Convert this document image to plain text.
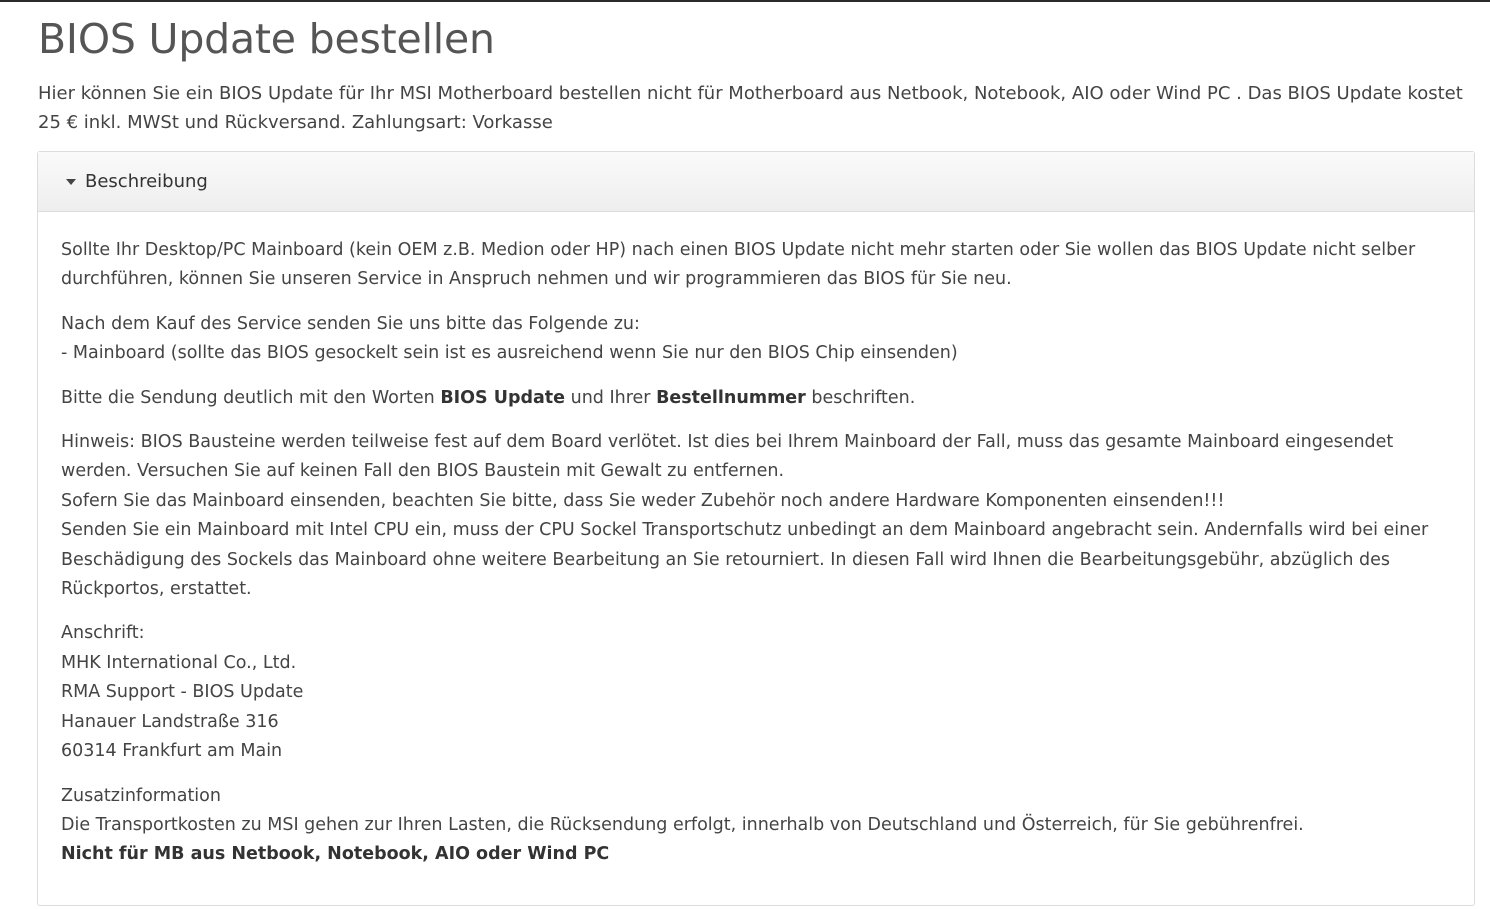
BIOS Update bestellen

Hier können Sie ein BIOS Update für Ihr MSI Motherboard bestellen nicht für Motherboard aus Netbook, Notebook, AIO oder Wind PC . Das BIOS Update kostet 25 € inkl. MWSt und Rückversand. Zahlungsart: Vorkasse

Beschreibung

Sollte Ihr Desktop/PC Mainboard (kein OEM z.B. Medion oder HP) nach einen BIOS Update nicht mehr starten oder Sie wollen das BIOS Update nicht selber durchführen, können Sie unseren Service in Anspruch nehmen und wir programmieren das BIOS für Sie neu.

Nach dem Kauf des Service senden Sie uns bitte das Folgende zu:
- Mainboard (sollte das BIOS gesockelt sein ist es ausreichend wenn Sie nur den BIOS Chip einsenden)

Bitte die Sendung deutlich mit den Worten BIOS Update und Ihrer Bestellnummer beschriften.

Hinweis: BIOS Bausteine werden teilweise fest auf dem Board verlötet. Ist dies bei Ihrem Mainboard der Fall, muss das gesamte Mainboard eingesendet werden. Versuchen Sie auf keinen Fall den BIOS Baustein mit Gewalt zu entfernen.
Sofern Sie das Mainboard einsenden, beachten Sie bitte, dass Sie weder Zubehör noch andere Hardware Komponenten einsenden!!!
Senden Sie ein Mainboard mit Intel CPU ein, muss der CPU Sockel Transportschutz unbedingt an dem Mainboard angebracht sein. Andernfalls wird bei einer Beschädigung des Sockels das Mainboard ohne weitere Bearbeitung an Sie retourniert. In diesen Fall wird Ihnen die Bearbeitungsgebühr, abzüglich des Rückportos, erstattet.

Anschrift:
MHK International Co., Ltd.
RMA Support - BIOS Update
Hanauer Landstraße 316
60314 Frankfurt am Main

Zusatzinformation
Die Transportkosten zu MSI gehen zur Ihren Lasten, die Rücksendung erfolgt, innerhalb von Deutschland und Österreich, für Sie gebührenfrei.
Nicht für MB aus Netbook, Notebook, AIO oder Wind PC
